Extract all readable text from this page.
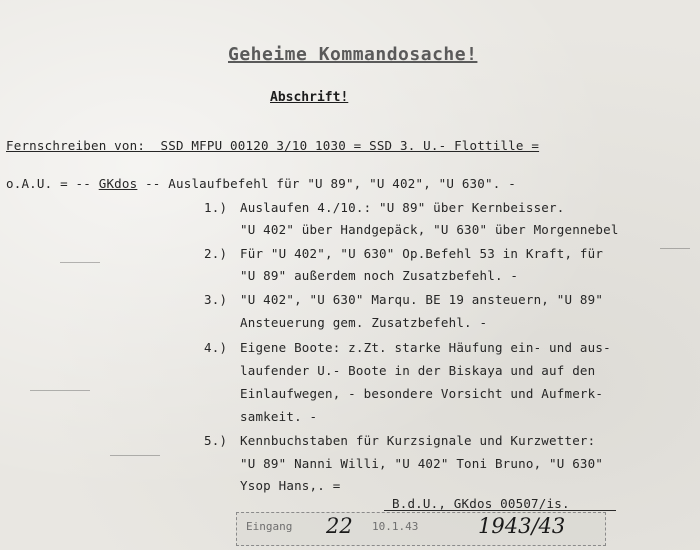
Geheime Kommandosache!
Abschrift!
Fernschreiben von:  SSD MFPU 00120 3/10 1030 = SSD 3. U.- Flottille =
o.A.U. = -- GKdos -- Auslaufbefehl für "U 89", "U 402", "U 630". -
1.) Auslaufen 4./10.: "U 89" über Kernbeisser.
"U 402" über Handgepäck, "U 630" über Morgennebel
2.) Für "U 402", "U 630" Op.Befehl 53 in Kraft, für
"U 89" außerdem noch Zusatzbefehl. -
3.) "U 402", "U 630" Marqu. BE 19 ansteuern, "U 89"
Ansteuerung gem. Zusatzbefehl. -
4.) Eigene Boote: z.Zt. starke Häufung ein- und aus-
laufender U.- Boote in der Biskaya und auf den
Einlaufwegen, - besondere Vorsicht und Aufmerk-
samkeit. -
5.) Kennbuchstaben für Kurzsignale und Kurzwetter:
"U 89" Nanni Willi, "U 402" Toni Bruno, "U 630"
Ysop Hans,. =
B.d.U., GKdos 00507/is.
Eingang 22 10.1.43	1943/43
